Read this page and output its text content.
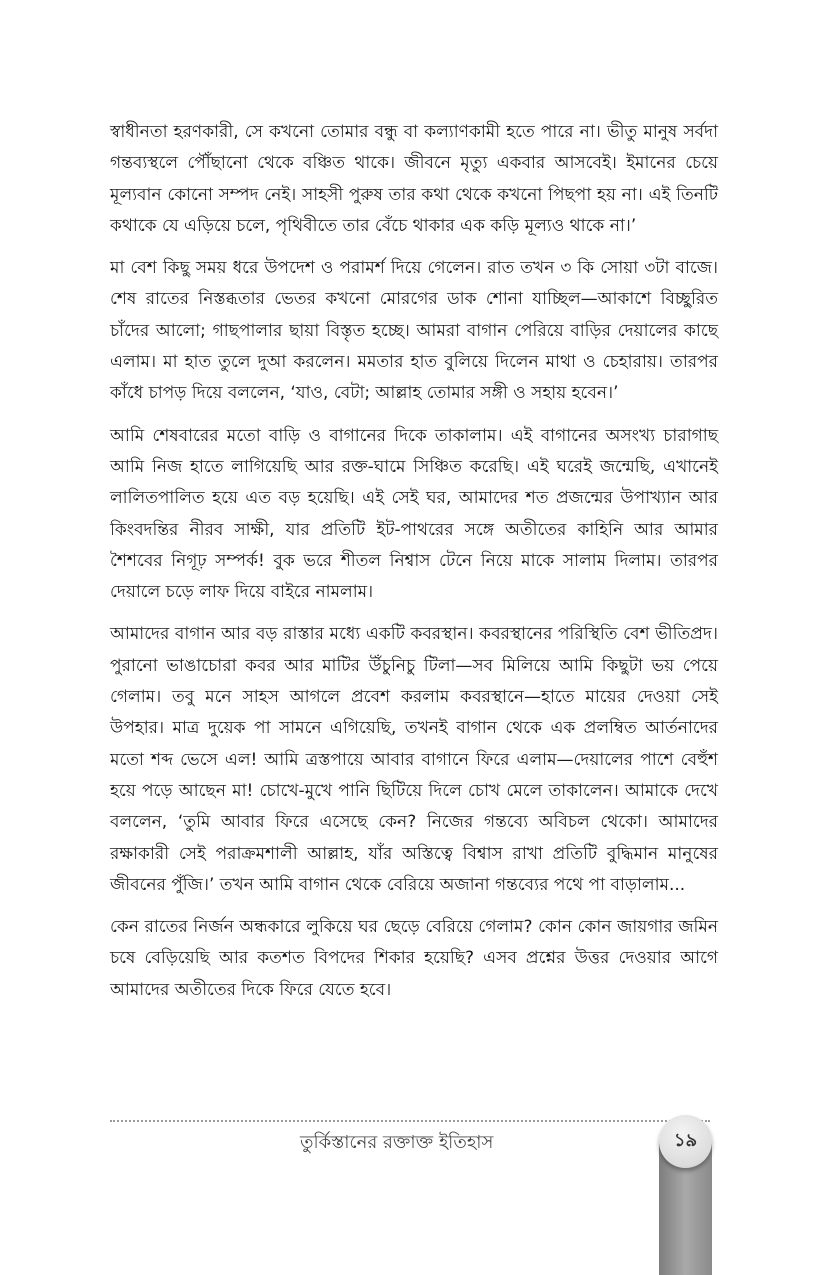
স্বাধীনতা হরণকারী, সে কখনো তোমার বন্ধু বা কল্যাণকামী হতে পারে না। ভীতু মানুষ সর্বদা গন্তব্যস্থলে পৌঁছানো থেকে বঞ্চিত থাকে। জীবনে মৃত্যু একবার আসবেই। ইমানের চেয়ে মূল্যবান কোনো সম্পদ নেই। সাহসী পুরুষ তার কথা থেকে কখনো পিছপা হয় না। এই তিনটি কথাকে যে এড়িয়ে চলে, পৃথিবীতে তার বেঁচে থাকার এক কড়ি মূল্যও থাকে না।’

মা বেশ কিছু সময় ধরে উপদেশ ও পরামর্শ দিয়ে গেলেন। রাত তখন ৩ কি সোয়া ৩টা বাজে। শেষ রাতের নিস্তব্ধতার ভেতর কখনো মোরগের ডাক শোনা যাচ্ছিল—আকাশে বিচ্ছুরিত চাঁদের আলো; গাছপালার ছায়া বিস্তৃত হচ্ছে। আমরা বাগান পেরিয়ে বাড়ির দেয়ালের কাছে এলাম। মা হাত তুলে দুআ করলেন। মমতার হাত বুলিয়ে দিলেন মাথা ও চেহারায়। তারপর কাঁধে চাপড় দিয়ে বললেন, ‘যাও, বেটা; আল্লাহ তোমার সঙ্গী ও সহায় হবেন।’

আমি শেষবারের মতো বাড়ি ও বাগানের দিকে তাকালাম। এই বাগানের অসংখ্য চারাগাছ আমি নিজ হাতে লাগিয়েছি আর রক্ত-ঘামে সিঞ্চিত করেছি। এই ঘরেই জন্মেছি, এখানেই লালিতপালিত হয়ে এত বড় হয়েছি। এই সেই ঘর, আমাদের শত প্রজন্মের উপাখ্যান আর কিংবদন্তির নীরব সাক্ষী, যার প্রতিটি ইট-পাথরের সঙ্গে অতীতের কাহিনি আর আমার শৈশবের নিগূঢ় সম্পর্ক! বুক ভরে শীতল নিশ্বাস টেনে নিয়ে মাকে সালাম দিলাম। তারপর দেয়ালে চড়ে লাফ দিয়ে বাইরে নামলাম।

আমাদের বাগান আর বড় রাস্তার মধ্যে একটি কবরস্থান। কবরস্থানের পরিস্থিতি বেশ ভীতিপ্রদ। পুরানো ভাঙাচোরা কবর আর মাটির উঁচুনিচু টিলা—সব মিলিয়ে আমি কিছুটা ভয় পেয়ে গেলাম। তবু মনে সাহস আগলে প্রবেশ করলাম কবরস্থানে—হাতে মায়ের দেওয়া সেই উপহার। মাত্র দুয়েক পা সামনে এগিয়েছি, তখনই বাগান থেকে এক প্রলম্বিত আর্তনাদের মতো শব্দ ভেসে এল! আমি ত্রস্তপায়ে আবার বাগানে ফিরে এলাম—দেয়ালের পাশে বেহুঁশ হয়ে পড়ে আছেন মা! চোখে-মুখে পানি ছিটিয়ে দিলে চোখ মেলে তাকালেন। আমাকে দেখে বললেন, ‘তুমি আবার ফিরে এসেছে কেন? নিজের গন্তব্যে অবিচল থেকো। আমাদের রক্ষাকারী সেই পরাক্রমশালী আল্লাহ, যাঁর অস্তিত্বে বিশ্বাস রাখা প্রতিটি বুদ্ধিমান মানুষের জীবনের পুঁজি।’ তখন আমি বাগান থেকে বেরিয়ে অজানা গন্তব্যের পথে পা বাড়ালাম...

কেন রাতের নির্জন অন্ধকারে লুকিয়ে ঘর ছেড়ে বেরিয়ে গেলাম? কোন কোন জায়গার জমিন চষে বেড়িয়েছি আর কতশত বিপদের শিকার হয়েছি? এসব প্রশ্নের উত্তর দেওয়ার আগে আমাদের অতীতের দিকে ফিরে যেতে হবে।

তুর্কিস্তানের রক্তাক্ত ইতিহাস	১৯
